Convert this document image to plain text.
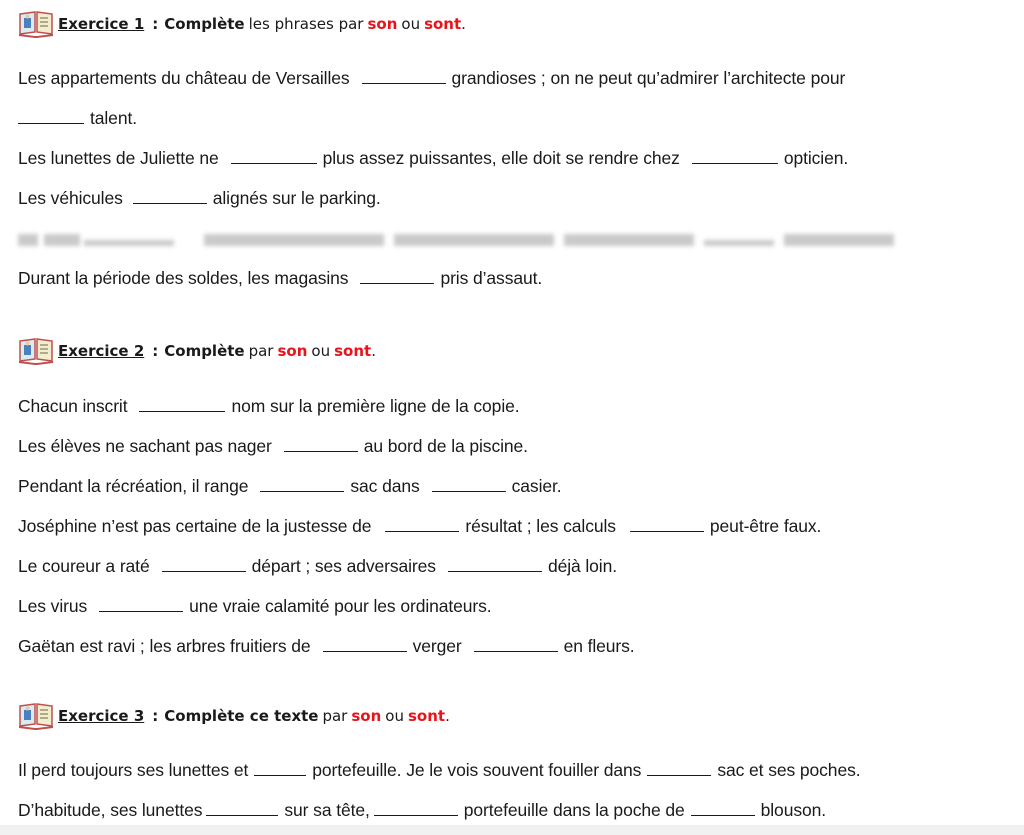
Exercice 1 : Complète les phrases par son ou sont .
Les appartements du château de Versailles	grandioses ; on ne peut qu’admirer l’architecte pour
talent.
Les lunettes de Juliette ne	plus assez puissantes, elle doit se rendre chez	opticien.
Les véhicules	alignés sur le parking.
Durant la période des soldes, les magasins	pris d’assaut.
Exercice 2 : Complète par son ou sont .
Chacun inscrit	nom sur la première ligne de la copie.
Les élèves ne sachant pas nager	au bord de la piscine.
Pendant la récréation, il range	sac dans	casier.
Joséphine n’est pas certaine de la justesse de	résultat ; les calculs	peut-être faux.
Le coureur a raté	départ ; ses adversaires	déjà loin.
Les virus	une vraie calamité pour les ordinateurs.
Gaëtan est ravi ; les arbres fruitiers de	verger	en fleurs.
Exercice 3 : Complète ce texte par son ou sont .
Il perd toujours ses lunettes et	portefeuille. Je le vois souvent fouiller dans	sac et ses poches.
D’habitude, ses lunettes	sur sa tête,	portefeuille dans la poche de	blouson.
